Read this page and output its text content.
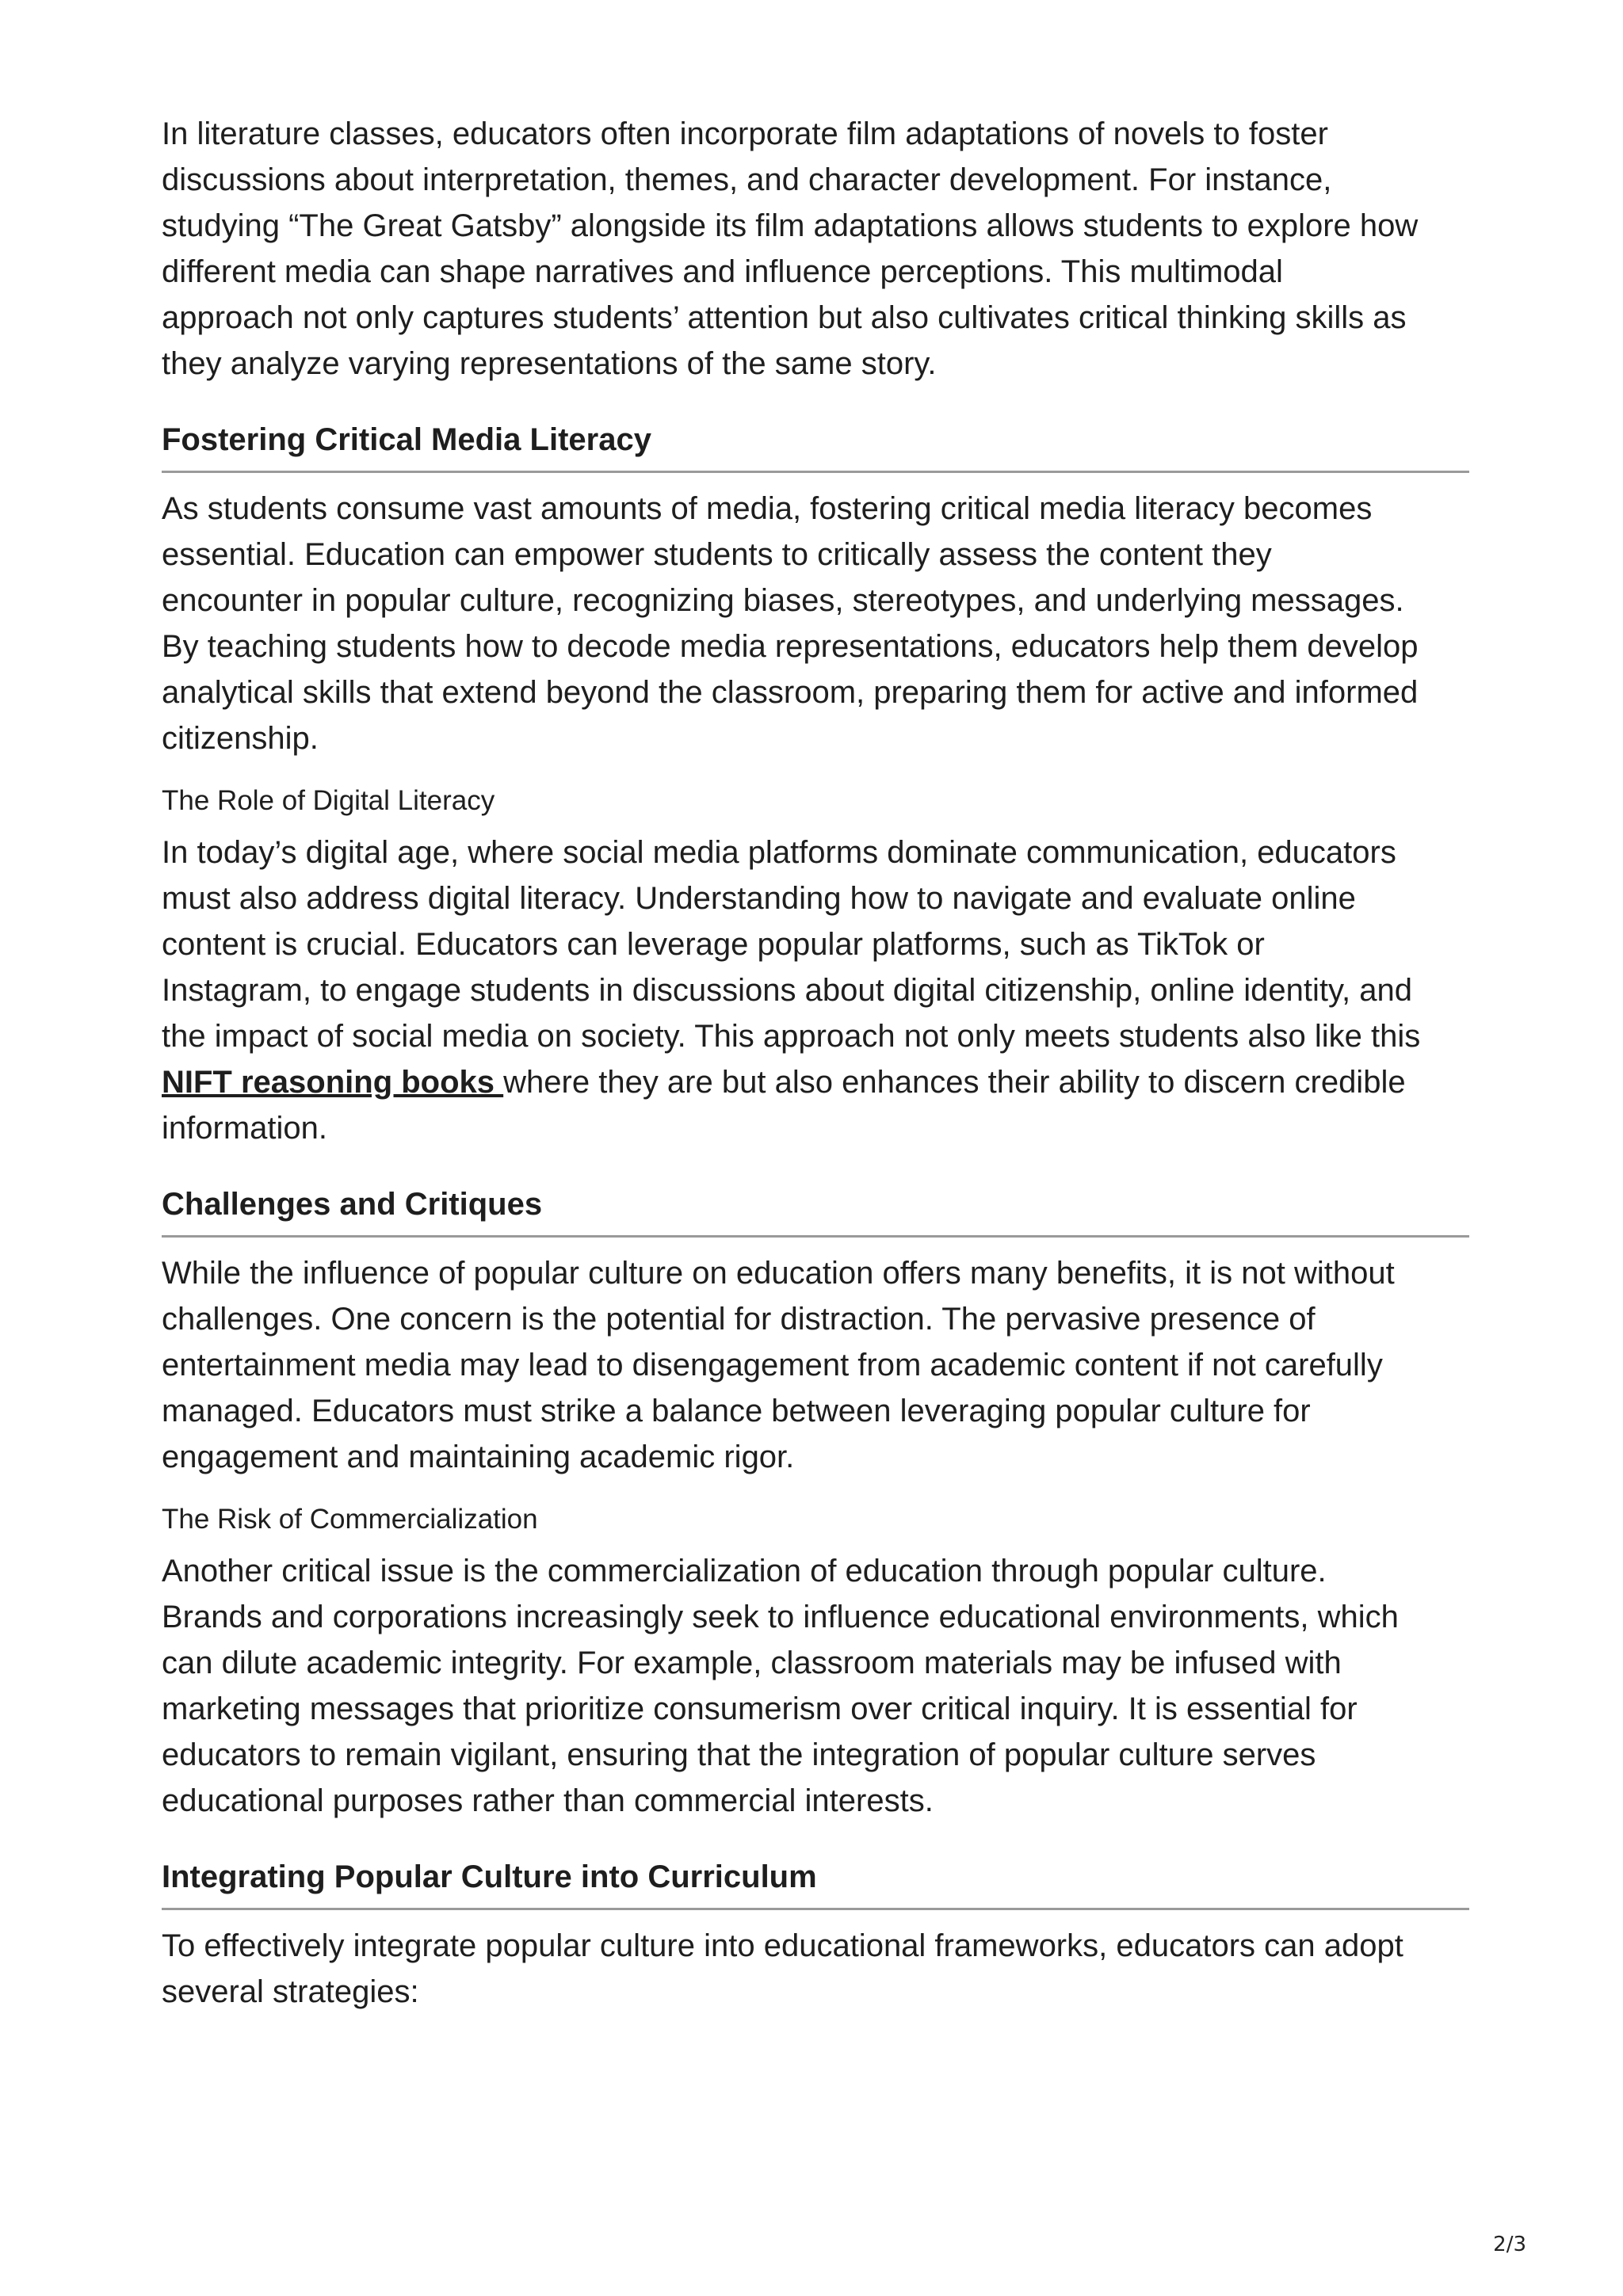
In literature classes, educators often incorporate film adaptations of novels to foster
discussions about interpretation, themes, and character development. For instance,
studying “The Great Gatsby” alongside its film adaptations allows students to explore how
different media can shape narratives and influence perceptions. This multimodal
approach not only captures students’ attention but also cultivates critical thinking skills as
they analyze varying representations of the same story.

Fostering Critical Media Literacy

As students consume vast amounts of media, fostering critical media literacy becomes
essential. Education can empower students to critically assess the content they
encounter in popular culture, recognizing biases, stereotypes, and underlying messages.
By teaching students how to decode media representations, educators help them develop
analytical skills that extend beyond the classroom, preparing them for active and informed
citizenship.

The Role of Digital Literacy

In today’s digital age, where social media platforms dominate communication, educators
must also address digital literacy. Understanding how to navigate and evaluate online
content is crucial. Educators can leverage popular platforms, such as TikTok or
Instagram, to engage students in discussions about digital citizenship, online identity, and
the impact of social media on society. This approach not only meets students also like this
NIFT reasoning books where they are but also enhances their ability to discern credible
information.

Challenges and Critiques

While the influence of popular culture on education offers many benefits, it is not without
challenges. One concern is the potential for distraction. The pervasive presence of
entertainment media may lead to disengagement from academic content if not carefully
managed. Educators must strike a balance between leveraging popular culture for
engagement and maintaining academic rigor.

The Risk of Commercialization

Another critical issue is the commercialization of education through popular culture.
Brands and corporations increasingly seek to influence educational environments, which
can dilute academic integrity. For example, classroom materials may be infused with
marketing messages that prioritize consumerism over critical inquiry. It is essential for
educators to remain vigilant, ensuring that the integration of popular culture serves
educational purposes rather than commercial interests.

Integrating Popular Culture into Curriculum

To effectively integrate popular culture into educational frameworks, educators can adopt
several strategies:

2/3
